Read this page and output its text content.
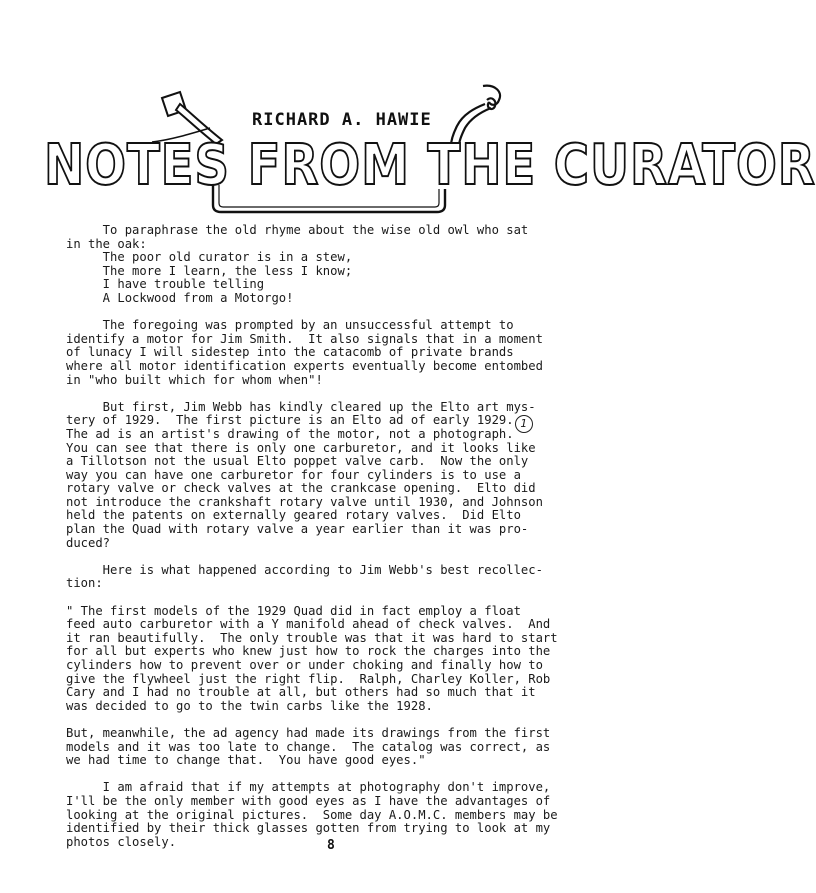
RICHARD A. HAWIE
NOTES FROM THE CURATOR
To paraphrase the old rhyme about the wise old owl who sat
in the oak:
The poor old curator is in a stew,
The more I learn, the less I know;
I have trouble telling
A Lockwood from a Motorgo!
The foregoing was prompted by an unsuccessful attempt to
identify a motor for Jim Smith.  It also signals that in a moment
of lunacy I will sidestep into the catacomb of private brands
where all motor identification experts eventually become entombed
in "who built which for whom when"!
But first, Jim Webb has kindly cleared up the Elto art mys-
tery of 1929.  The first picture is an Elto ad of early 1929. 1
The ad is an artist's drawing of the motor, not a photograph.
You can see that there is only one carburetor, and it looks like
a Tillotson not the usual Elto poppet valve carb.  Now the only
way you can have one carburetor for four cylinders is to use a
rotary valve or check valves at the crankcase opening.  Elto did
not introduce the crankshaft rotary valve until 1930, and Johnson
held the patents on externally geared rotary valves.  Did Elto
plan the Quad with rotary valve a year earlier than it was pro-
duced?
Here is what happened according to Jim Webb's best recollec-
tion:
" The first models of the 1929 Quad did in fact employ a float
feed auto carburetor with a Y manifold ahead of check valves.  And
it ran beautifully.  The only trouble was that it was hard to start
for all but experts who knew just how to rock the charges into the
cylinders how to prevent over or under choking and finally how to
give the flywheel just the right flip.  Ralph, Charley Koller, Rob
Cary and I had no trouble at all, but others had so much that it
was decided to go to the twin carbs like the 1928.
But, meanwhile, the ad agency had made its drawings from the first
models and it was too late to change.  The catalog was correct, as
we had time to change that.  You have good eyes."
I am afraid that if my attempts at photography don't improve,
I'll be the only member with good eyes as I have the advantages of
looking at the original pictures.  Some day A.O.M.C. members may be
identified by their thick glasses gotten from trying to look at my
photos closely.	8
